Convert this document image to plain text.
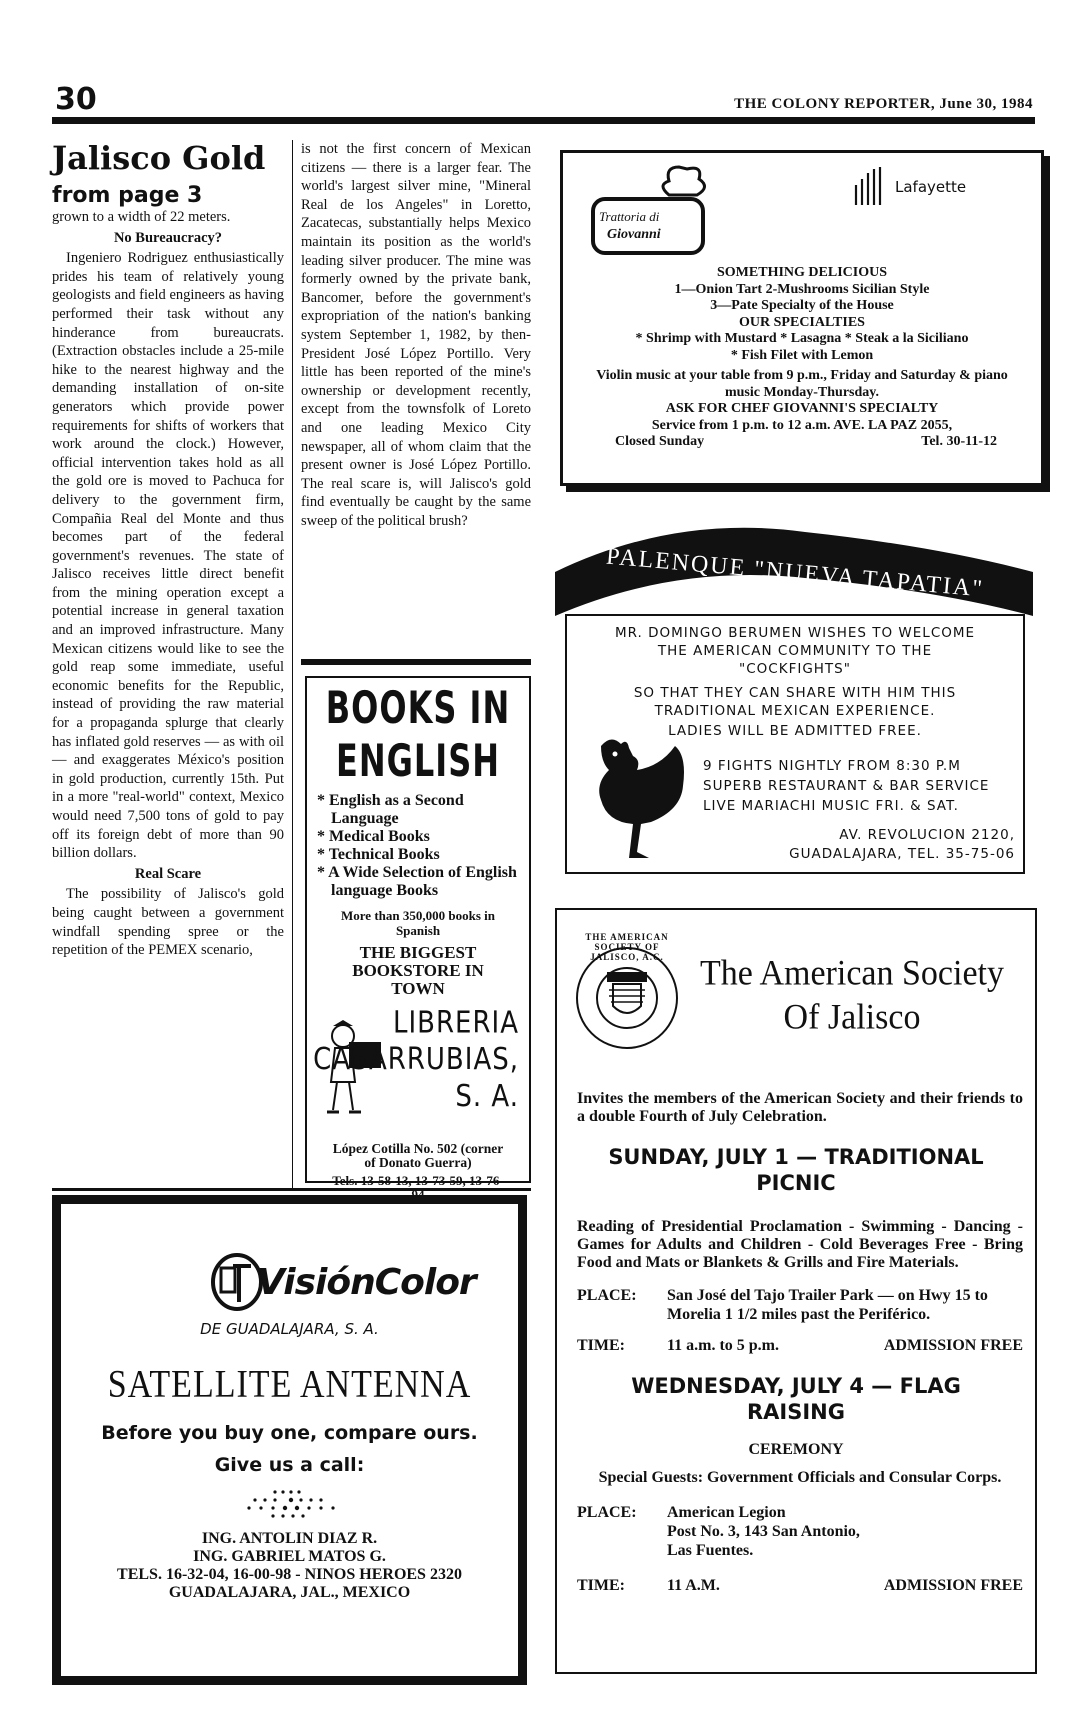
30	THE COLONY REPORTER, June 30, 1984
Jalisco Gold
from page 3

grown to a width of 22 meters.

No Bureaucracy?

Ingeniero Rodriguez enthusiastically prides his team of relatively young geologists and field engineers as having performed their task without any hinderance from bureaucrats. (Extraction obstacles include a 25-mile hike to the nearest highway and the demanding installation of on-site generators which provide power requirements for shifts of workers that work around the clock.) However, official intervention takes hold as all the gold ore is moved to Pachuca for delivery to the government firm, Compañia Real del Monte and thus becomes part of the federal government's revenues. The state of Jalisco receives little direct benefit from the mining operation except a potential increase in general taxation and an improved infrastructure. Many Mexican citizens would like to see the gold reap some immediate, useful economic benefits for the Republic, instead of providing the raw material for a propaganda splurge that clearly has inflated gold reserves — as with oil — and exaggerates México's position in gold production, currently 15th. Put in a more "real-world" context, Mexico would need 7,500 tons of gold to pay off its foreign debt of more than 90 billion dollars.

Real Scare

The possibility of Jalisco's gold being caught between a government windfall spending spree or the repetition of the PEMEX scenario,

is not the first concern of Mexican citizens — there is a larger fear. The world's largest silver mine, "Mineral Real de los Angeles" in Loretto, Zacatecas, substantially helps Mexico maintain its position as the world's leading silver producer. The mine was formerly owned by the private bank, Bancomer, before the government's expropriation of the nation's banking system September 1, 1982, by then-President José López Portillo. Very little has been reported of the mine's ownership or development recently, except from the townsfolk of Loreto and one leading Mexico City newspaper, all of whom claim that the present owner is José López Portillo. The real scare is, will Jalisco's gold find eventually be caught by the same sweep of the political brush?

BOOKS IN ENGLISH
* English as a Second Language
* Medical Books
* Technical Books
* A Wide Selection of English language Books
More than 350,000 books in Spanish
THE BIGGEST BOOKSTORE IN TOWN
LIBRERIA
CASARRUBIAS,
S. A.
López Cotilla No. 502 (corner of Donato Guerra)
Tels. 13-58-13, 13-73-59, 13-76-94
VisiónColor
DE GUADALAJARA, S. A.
SATELLITE ANTENNA
Before you buy one, compare ours.
Give us a call:
ING. ANTOLIN DIAZ R.
ING. GABRIEL MATOS G.
TELS. 16-32-04, 16-00-98 - NINOS HEROES 2320
GUADALAJARA, JAL., MEXICO
Trattoria di
Giovanni
Lafayette
SOMETHING DELICIOUS
1—Onion Tart 2-Mushrooms Sicilian Style
3—Pate Specialty of the House
OUR SPECIALTIES
* Shrimp with Mustard * Lasagna * Steak a la Siciliano
* Fish Filet with Lemon
Violin music at your table from 9 p.m., Friday and Saturday & piano music Monday-Thursday.
ASK FOR CHEF GIOVANNI'S SPECIALTY
Service from 1 p.m. to 12 a.m. AVE. LA PAZ 2055,
Closed Sunday	Tel. 30-11-12
PALENQUE "NUEVA TAPATIA"
MR. DOMINGO BERUMEN WISHES TO WELCOME THE AMERICAN COMMUNITY TO THE "COCKFIGHTS"
SO THAT THEY CAN SHARE WITH HIM THIS TRADITIONAL MEXICAN EXPERIENCE.
LADIES WILL BE ADMITTED FREE.
9 FIGHTS NIGHTLY FROM 8:30 P.M
SUPERB RESTAURANT & BAR SERVICE
LIVE MARIACHI MUSIC FRI. & SAT.
AV. REVOLUCION 2120,
GUADALAJARA, TEL. 35-75-06
THE AMERICAN SOCIETY OF JALISCO, A.C.	The American Society
Of Jalisco
Invites the members of the American Society and their friends to a double Fourth of July Celebration.
SUNDAY, JULY 1 — TRADITIONAL PICNIC
Reading of Presidential Proclamation - Swimming - Dancing - Games for Adults and Children - Cold Beverages Free - Bring Food and Mats or Blankets & Grills and Fire Materials.
PLACE:	San José del Tajo Trailer Park — on Hwy 15 to Morelia 1 1/2 miles past the Periférico.
TIME:	11 a.m. to 5 p.m.	ADMISSION FREE
WEDNESDAY, JULY 4 — FLAG RAISING
CEREMONY
Special Guests: Government Officials and Consular Corps.
PLACE:	American Legion
Post No. 3, 143 San Antonio,
Las Fuentes.
TIME:	11 A.M.	ADMISSION FREE
